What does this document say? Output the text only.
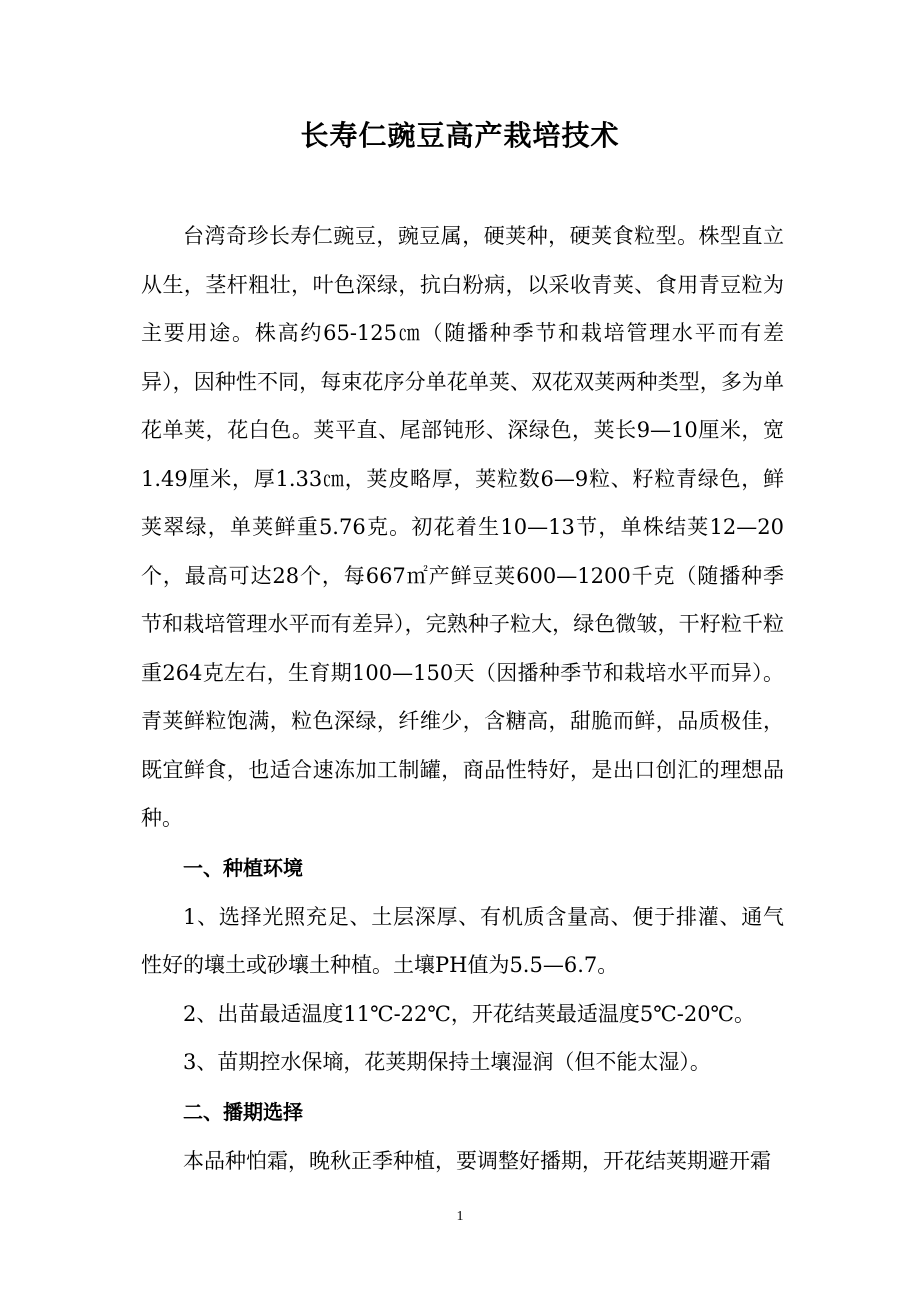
长寿仁豌豆高产栽培技术

台湾奇珍长寿仁豌豆，豌豆属，硬荚种，硬荚食粒型。株型直立从生，茎杆粗壮，叶色深绿，抗白粉病，以采收青荚、食用青豆粒为主要用途。株高约65-125㎝（随播种季节和栽培管理水平而有差异），因种性不同，每束花序分单花单荚、双花双荚两种类型，多为单花单荚，花白色。荚平直、尾部钝形、深绿色，荚长9—10厘米，宽1.49厘米，厚1.33㎝，荚皮略厚，荚粒数6—9粒、籽粒青绿色，鲜荚翠绿，单荚鲜重5.76克。初花着生10—13节，单株结荚12—20个，最高可达28个，每667㎡产鲜豆荚600—1200千克（随播种季节和栽培管理水平而有差异），完熟种子粒大，绿色微皱，干籽粒千粒重264克左右，生育期100—150天（因播种季节和栽培水平而异）。青荚鲜粒饱满，粒色深绿，纤维少，含糖高，甜脆而鲜，品质极佳，既宜鲜食，也适合速冻加工制罐，商品性特好，是出口创汇的理想品种。

一、种植环境

1、选择光照充足、土层深厚、有机质含量高、便于排灌、通气性好的壤土或砂壤土种植。土壤PH值为5.5—6.7。

2、出苗最适温度11℃-22℃，开花结荚最适温度5℃-20℃。

3、苗期控水保墒，花荚期保持土壤湿润（但不能太湿）。

二、播期选择

本品种怕霜，晚秋正季种植，要调整好播期，开花结荚期避开霜

1
